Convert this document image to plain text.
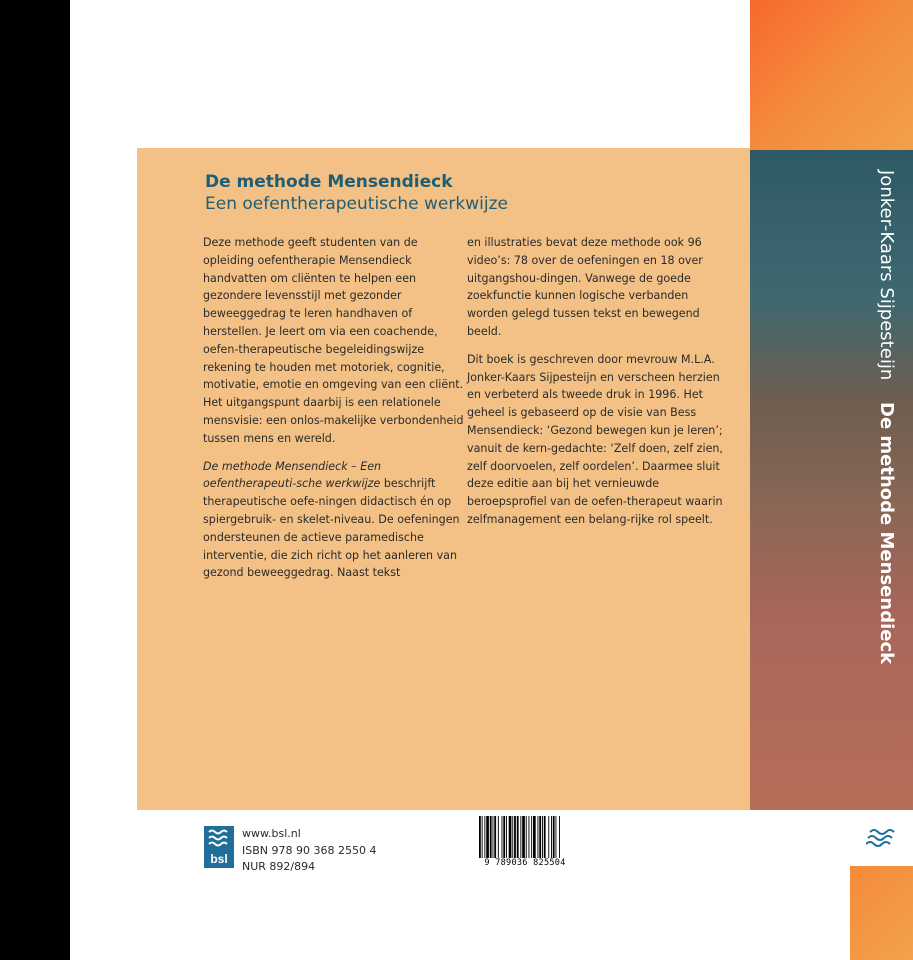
De methode Mensendieck
Een oefentherapeutische werkwijze

Deze methode geeft studenten van de opleiding oefentherapie Mensendieck handvatten om cliënten te helpen een gezondere levensstijl met gezonder beweeggedrag te leren handhaven of herstellen. Je leert om via een coachende, oefen-therapeutische begeleidingswijze rekening te houden met motoriek, cognitie, motivatie, emotie en omgeving van een cliënt. Het uitgangspunt daarbij is een relationele mensvisie: een onlos-makelijke verbondenheid tussen mens en wereld.

De methode Mensendieck – Een oefentherapeuti-sche werkwijze beschrijft therapeutische oefe-ningen didactisch én op spiergebruik- en skelet-niveau. De oefeningen ondersteunen de actieve paramedische interventie, die zich richt op het aanleren van gezond beweeggedrag. Naast tekst

en illustraties bevat deze methode ook 96 video’s: 78 over de oefeningen en 18 over uitgangshou-dingen. Vanwege de goede zoekfunctie kunnen logische verbanden worden gelegd tussen tekst en bewegend beeld.

Dit boek is geschreven door mevrouw M.L.A. Jonker-Kaars Sijpesteijn en verscheen herzien en verbeterd als tweede druk in 1996. Het geheel is gebaseerd op de visie van Bess Mensendieck: ‘Gezond bewegen kun je leren’; vanuit de kern-gedachte: ‘Zelf doen, zelf zien, zelf doorvoelen, zelf oordelen’. Daarmee sluit deze editie aan bij het vernieuwde beroepsprofiel van de oefen-therapeut waarin zelfmanagement een belang-rijke rol speelt.

bsl
www.bsl.nl
ISBN 978 90 368 2550 4
NUR 892/894	9 789036 825504
Jonker-Kaars Sijpesteijn De methode Mensendieck
